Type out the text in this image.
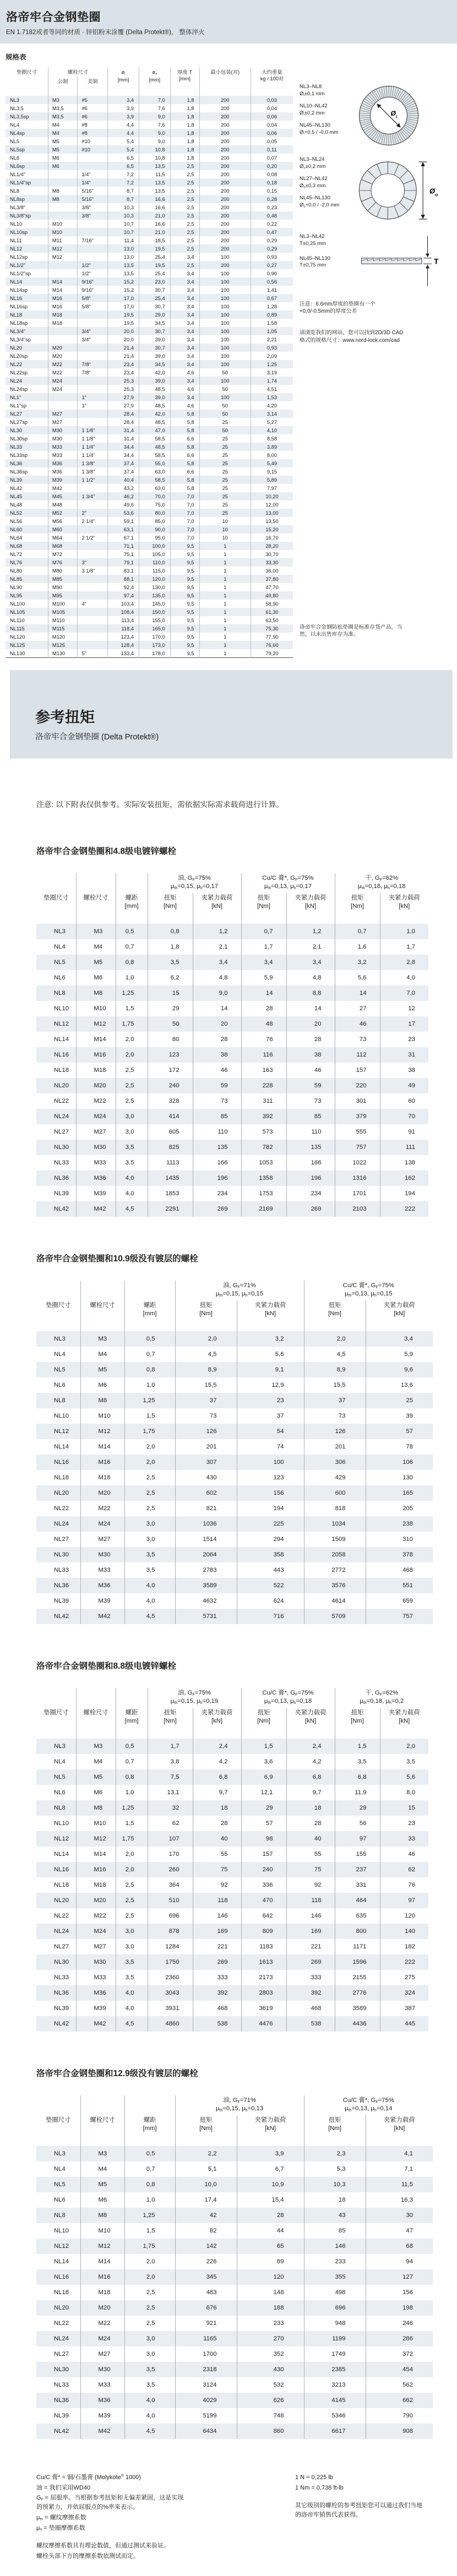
洛帝牢合金钢垫圈
EN 1.7182或者等同的材质 · 锌铝粉末涂覆 (Delta Protekt®)， 整体淬火
规格表
垫圈尺寸	螺栓尺寸		$ø_i$
[mm]	$ø_o$
[mm]	厚度 T
[mm]	最小包装(对)	大约重量
kg / 100对
	公制	美制					
NL3	M3	#5	3,4	7,0	1,8	200	0,03
NL3,5	M3,5	#6	3,9	7,6	1,8	200	0,04
NL3,5sp	M3,5	#6	3,9	9,0	1,8	200	0,06
NL4	M4	#8	4,4	7,6	1,8	200	0,04
NL4sp	M4	#8	4,4	9,0	1,8	200	0,06
NL5	M5	#10	5,4	9,0	1,8	200	0,05
NL5sp	M5	#10	5,4	10,8	1,8	200	0,11
NL6	M6		6,5	10,8	1,8	200	0,07
NL6sp	M6		6,5	13,5	2,5	200	0,20
NL1/4"		1/4"	7,2	11,5	2,5	200	0,08
NL1/4"sp		1/4"	7,2	13,5	2,5	200	0,18
NL8	M8	5/16"	8,7	13,5	2,5	200	0,15
NL8sp	M8	5/16"	8,7	16,6	2,5	200	0,28
NL3/8"		3/8"	10,3	16,6	2,5	200	0,23
NL3/8"sp		3/8"	10,3	21,0	2,5	200	0,48
NL10	M10		10,7	16,6	2,5	200	0,22
NL10sp	M10		10,7	21,0	2,5	200	0,47
NL11	M11	7/16"	11,4	18,5	2,5	200	0,29
NL12	M12		13,0	19,5	2,5	200	0,29
NL12sp	M12		13,0	25,4	3,4	100	0,93
NL1/2"		1/2"	13,5	19,5	2,5	200	0,27
NL1/2"sp		1/2"	13,5	25,4	3,4	100	0,90
NL14	M14	9/16"	15,2	23,0	3,4	100	0,56
NL14sp	M14	9/16"	15,2	30,7	3,4	100	1,41
NL16	M16	5/8"	17,0	25,4	3,4	100	0,67
NL16sp	M16	5/8"	17,0	30,7	3,4	100	1,28
NL18	M18		19,5	29,0	3,4	100	0,89
NL18sp	M18		19,5	34,5	3,4	100	1,58
NL3/4"		3/4"	20,0	30,7	3,4	100	1,05
NL3/4"sp		3/4"	20,0	39,0	3,4	100	2,21
NL20	M20		21,4	30,7	3,4	100	0,93
NL20sp	M20		21,4	39,0	3,4	100	2,09
NL22	M22	7/8"	23,4	34,5	3,4	100	1,25
NL22sp	M22	7/8"	23,4	42,0	4,6	50	3,19
NL24	M24		25,3	39,0	3,4	100	1,74
NL24sp	M24		25,3	48,5	4,6	50	4,51
NL1"		1"	27,9	39,0	3,4	100	1,53
NL1"sp		1"	27,9	48,5	4,6	50	4,20
NL27	M27		28,4	42,0	5,8	50	3,14
NL27sp	M27		28,4	48,5	5,8	25	5,27
NL30	M30	1 1/8"	31,4	47,0	5,8	50	4,10
NL30sp	M30	1 1/8"	31,4	58,5	6,6	25	8,58
NL33	M33	1 1/4"	34,4	48,5	5,8	25	3,89
NL33sp	M33	1 1/4"	34,4	58,5	6,6	25	8,00
NL36	M36	1 3/8"	37,4	55,0	5,8	25	5,49
NL36sp	M36	1 3/8"	37,4	63,0	6,6	25	9,15
NL39	M39	1 1/2"	40,4	58,5	5,8	25	5,89
NL42	M42		43,2	63,0	5,8	25	7,97
NL45	M45	1 3/4"	46,2	70,0	7,0	25	10,20
NL48	M48		49,6	75,0	7,0	25	12,00
NL52	M52	2"	53,6	80,0	7,0	25	13,00
NL56	M56	2 1/4"	59,1	85,0	7,0	10	13,50
NL60	M60		63,1	90,0	7,0	10	15,20
NL64	M64	2 1/2"	67,1	95,0	7,0	10	16,70
NL68	M68		71,1	100,0	9,5	1	28,20
NL72	M72		75,1	105,0	9,5	1	30,70
NL76	M76	3"	79,1	110,0	9,5	1	33,30
NL80	M80	3 1/8"	83,1	115,0	9,5	1	36,00
NL85	M85		88,1	120,0	9,5	1	37,80
NL90	M90		92,4	130,0	9,5	1	47,70
NL95	M95		97,4	135,0	9,5	1	49,80
NL100	M100	4"	103,4	145,0	9,5	1	58,90
NL105	M105		108,4	150,0	9,5	1	61,30
NL110	M110		113,4	155,0	9,5	1	63,50
NL115	M115		118,4	165,0	9,5	1	75,30
NL120	M120		123,4	170,0	9,5	1	77,90
NL125	M125		128,4	173,0	9,5	1	76,60
NL130	M130	5"	133,4	178,0	9,5	1	79,20
NL3–NL8
$Ø_i\pm 0,1$ mm
NL10–NL42
$Ø_i\pm 0,2$ mm
NL45–NL130
$Ø_i+0,5 / -0,0$ mm
$Ø_i$
NL3–NL24
$Ø_o\pm 0,2$ mm
NL27–NL42
$Ø_o\pm 0,3$ mm
NL45–NL130
$Ø_o+0,0 / -2,0$ mm
$Ø_o$
NL3–NL42
T±0,25 mm
NL45–NL130
T±0,75 mm	T
注意：6.6mm厚度的垫圈有一个
+0,0/-0.5mm的厚度公差
请浏览我们的网站，您可以找到2D/3D CAD
格式的规格尺寸：www.nord-lock.com/cad
洛帝牢合金钢防松垫圈是标准存货产品，当
然，以未出售库存为准。
参考扭矩
洛帝牢合金钢垫圈 (Delta Protekt®)
注意: 以下附表仅供参考。实际安装扭矩，需依据实际需求载荷进行计算。
洛帝牢合金钢垫圈和4.8级电镀锌螺栓
			油, $G_F=75\%$
$\mu_{th}=0,15$, $\mu_h=0,17$		Cu/C 膏*, $G_F=75\%$
$\mu_{th}=0,13$, $\mu_h=0,17$		干, $G_F=62\%$
$\mu_{th}=0,18$, $\mu_h=0,18$	
垫圈尺寸	螺栓尺寸	螺距
[mm]	扭矩
[Nm]	夹紧力载荷
[kN]	扭矩
[Nm]	夹紧力载荷
[kN]	扭矩
[Nm]	夹紧力载荷
[kN]
NL3	M3	0,5	0,8	1,2	0,7	1,2	0,7	1,0
NL4	M4	0,7	1,8	2,1	1,7	2,1	1,6	1,7
NL5	M5	0,8	3,5	3,4	3,4	3,4	3,2	2,8
NL6	M6	1,0	6,2	4,8	5,9	4,8	5,6	4,0
NL8	M8	1,25	15	9,0	14	8,8	14	7,0
NL10	M10	1,5	29	14	28	14	27	12
NL12	M12	1,75	50	20	48	20	46	17
NL14	M14	2,0	80	28	76	28	73	23
NL16	M16	2,0	123	38	116	38	112	31
NL18	M18	2,5	172	46	163	46	157	38
NL20	M20	2,5	240	59	228	59	220	49
NL22	M22	2,5	328	73	311	73	301	60
NL24	M24	3,0	414	85	392	85	379	70
NL27	M27	3,0	605	110	573	110	555	91
NL30	M30	3,5	825	135	782	135	757	111
NL33	M33	3,5	1113	166	1053	166	1022	138
NL36	M36	4,0	1435	196	1358	196	1316	162
NL39	M39	4,0	1853	234	1753	234	1701	194
NL42	M42	4,5	2291	269	2169	269	2103	222
洛帝牢合金钢垫圈和10.9级没有镀层的螺栓
			油, $G_F=71\%$
$\mu_{th}=0,15$, $\mu_h=0,15$		Cu/C 膏*, $G_F=75\%$
$\mu_{th}=0,13$, $\mu_h=0,15$	
垫圈尺寸	螺栓尺寸	螺距
[mm]	扭矩
[Nm]	夹紧力载荷
[kN]	扭矩
[Nm]	夹紧力载荷
[kN]
NL3	M3	0,5	2,0	3,2	2,0	3,4
NL4	M4	0,7	4,5	5,6	4,5	5,9
NL5	M5	0,8	8,9	9,1	8,9	9,6
NL6	M6	1,0	15,5	12,9	15,5	13,6
NL8	M8	1,25	37	23	37	25
NL10	M10	1,5	73	37	73	39
NL12	M12	1,75	126	54	126	57
NL14	M14	2,0	201	74	201	78
NL16	M16	2,0	307	100	306	106
NL18	M18	2,5	430	123	429	130
NL20	M20	2,5	602	156	600	165
NL22	M22	2,5	821	194	818	205
NL24	M24	3,0	1036	225	1034	238
NL27	M27	3,0	1514	294	1509	310
NL30	M30	3,5	2064	358	2058	378
NL33	M33	3,5	2783	443	2772	468
NL36	M36	4,0	3589	522	3576	551
NL39	M39	4,0	4632	624	4614	659
NL42	M42	4,5	5731	716	5709	757
洛帝牢合金钢垫圈和8.8级电镀锌螺栓
			油, $G_F=75\%$
$\mu_{th}=0,15$, $\mu_h=0,19$		Cu/C 膏*, $G_F=75\%$
$\mu_{th}=0,13$, $\mu_h=0,18$		干, $G_F=62\%$
$\mu_{th}=0,18$, $\mu_h=0,2$	
垫圈尺寸	螺栓尺寸	螺距
[mm]	扭矩
[Nm]	夹紧力载荷
[kN]	扭矩
[Nm]	夹紧力载荷
[kN]	扭矩
[Nm]	夹紧力载荷
[kN]
NL3	M3	0,5	1,7	2,4	1,5	2,4	1,5	2,0
NL4	M4	0,7	3,8	4,2	3,6	4,2	3,5	3,5
NL5	M5	0,8	7,5	6,8	6,9	6,8	6,8	5,6
NL6	M6	1,0	13,1	9,7	12,1	9,7	11,9	8,0
NL8	M8	1,25	32	18	29	18	29	15
NL10	M10	1,5	62	28	57	28	56	23
NL12	M12	1,75	107	40	98	40	97	33
NL14	M14	2,0	170	55	157	55	155	46
NL16	M16	2,0	260	75	240	75	237	62
NL18	M18	2,5	364	92	336	92	331	76
NL20	M20	2,5	510	118	470	118	464	97
NL22	M22	2,5	696	146	642	146	635	120
NL24	M24	3,0	878	169	809	169	800	140
NL27	M27	3,0	1284	221	1183	221	1171	182
NL30	M30	3,5	1750	269	1613	269	1596	222
NL33	M33	3,5	2360	333	2173	333	2155	275
NL36	M36	4,0	3043	392	2803	392	2776	324
NL39	M39	4,0	3931	468	3619	468	3589	387
NL42	M42	4,5	4860	538	4476	538	4436	445
洛帝牢合金钢垫圈和12.9级没有镀层的螺栓
			油, $G_F=71\%$
$\mu_{th}=0,15$, $\mu_h=0,13$		Cu/C 膏*, $G_F=75\%$
$\mu_{th}=0,13$, $\mu_h=0,14$	
垫圈尺寸	螺栓尺寸	螺距
[mm]	扭矩
[Nm]	夹紧力载荷
[kN]	扭矩
[Nm]	夹紧力载荷
[kN]
NL3	M3	0,5	2,2	3,9	2,3	4,1
NL4	M4	0,7	5,1	6,7	5,3	7,1
NL5	M5	0,8	10,0	10,9	10,3	11,5
NL6	M6	1,0	17,4	15,4	18	16,3
NL8	M8	1,25	42	28	43	30
NL10	M10	1,5	82	44	85	47
NL12	M12	1,75	142	65	146	68
NL14	M14	2,0	226	89	233	94
NL16	M16	2,0	345	120	355	127
NL18	M18	2,5	483	148	498	156
NL20	M20	2,5	676	188	696	198
NL22	M22	2,5	921	233	948	246
NL24	M24	3,0	1165	270	1199	286
NL27	M27	3,0	1700	352	1749	372
NL30	M30	3,5	2318	430	2385	454
NL33	M33	3,5	3124	532	3213	562
NL36	M36	4,0	4029	626	4145	662
NL39	M39	4,0	5199	748	5346	790
NL42	M42	4,5	6434	860	6617	908
Cu/C 膏* = 铜/石墨膏 (Molykote® 1000)
油 = 我们采用WD40
$G_F$ = 屈服率。当根据参考扭矩和无偏差紧固，这是实现
的预紧力，并依屈服点的%率来表示。
$\mu_{th}$ = 螺纹摩擦系数
$\mu_h$ = 垫圈摩擦系数
螺纹摩擦系数具有理论数值，但通过测试来验证。
螺栓头部下方的摩擦系数依测试而定。
1 N = 0,225 lb
1 Nm = 0,738 ft-lb
其它级别的螺栓的参考扭矩您可以通过我们当地
的洛帝牢销售代表获得。
